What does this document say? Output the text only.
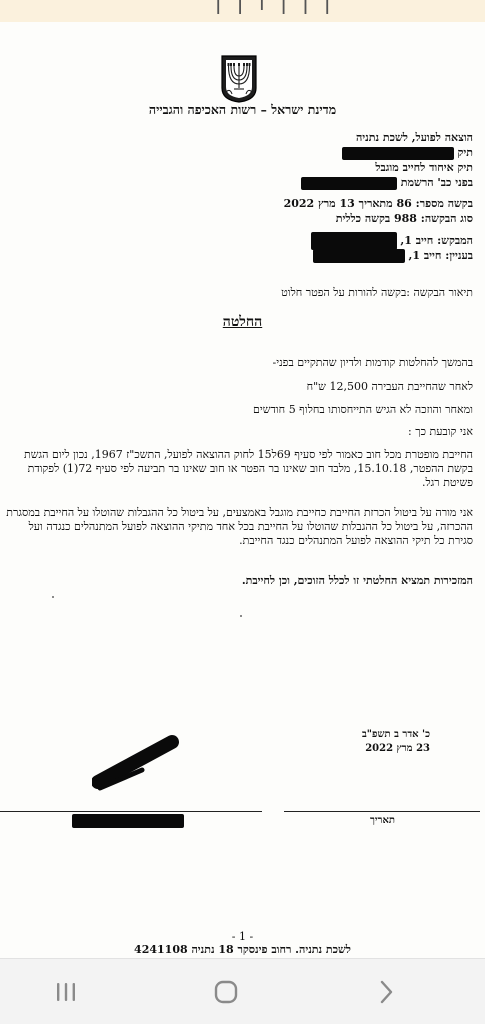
ן ן ן ו ן ן
מדינת ישראל – רשות האכיפה והגבייה
הוצאה לפועל, לשכת נתניה
תיק
תיק איחוד לחייב מוגבל
בפני כב' הרשמת
בקשה מספר: 86 מתאריך 13 מרץ 2022
סוג הבקשה: 988 בקשה כללית
המבקש: חייב 1,
בעניין: חייב 1,
תיאור הבקשה :בקשה להורות על הפטר חלוט
החלטה
בהמשך להחלטות קודמות ולדיון שהתקיים בפני-
לאחר שהחייבת העבירה 12,500 ש"ח
ומאחר והוזכה לא הגיש התייחסותו בחלוף 5 חודשים
אני קובעת כך :
החייבת מופטרת מכל חוב כאמור לפי סעיף 69ל15 לחוק ההוצאה לפועל, התשכ"ז 1967, נכון ליום הגשת בקשת ההפטר, 15.10.18, מלבד חוב שאינו בר הפטר או חוב שאינו בר תביעה לפי סעיף 72(1) לפקודת פשיטת רגל.
אני מורה על ביטול הכרזת החייבת כחייבת מוגבל באמצעים, על ביטול כל ההגבלות שהוטלו על החייבת במסגרת ההכרזה, על ביטול כל ההגבלות שהוטלו על החייבת בכל אחד מתיקי ההוצאה לפועל המתנהלים כנגדה ועל סגירת כל תיקי ההוצאה לפועל המתנהלים כנגד החייבת.
המזכירות תמציא החלטתי זו לכלל הזוכים, וכן לחייבת.
כ' אדר ב תשפ"ב
23 מרץ 2022
תאריך
- 1 -
לשכת נתניה. רחוב פינסקר 18 נתניה 4241108
